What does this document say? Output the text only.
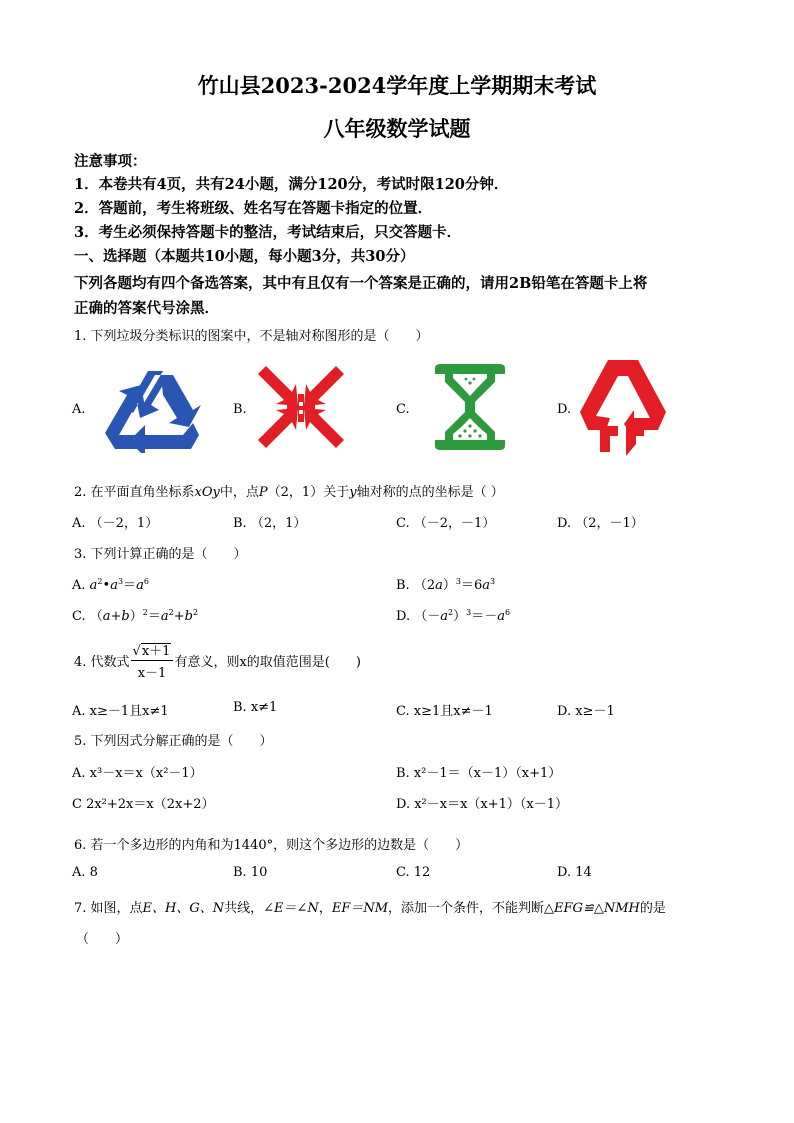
竹山县2023-2024学年度上学期期末考试
八年级数学试题
注意事项：
1．本卷共有4页，共有24小题，满分120分，考试时限120分钟．
2．答题前，考生将班级、姓名写在答题卡指定的位置．
3．考生必须保持答题卡的整洁，考试结束后，只交答题卡．
一、选择题（本题共10小题，每小题3分，共30分）
下列各题均有四个备选答案，其中有且仅有一个答案是正确的，请用2B铅笔在答题卡上将
正确的答案代号涂黑．
1. 下列垃圾分类标识的图案中，不是轴对称图形的是（　　）
A.	B.	C.	D.
2. 在平面直角坐标系xOy中，点P（2，1）关于y轴对称的点的坐标是（ ）
A. （－2，1）	B. （2，1）	C. （－2，－1）	D. （2，－1）
3. 下列计算正确的是（　　）
A. $a^2•a^3=a^6$	B. $(2a)^3=6a^3$
C. $(a+b)^2=a^2+b^2$	D. $(-a^2)^3=-a^6$
4. 代数式 $\frac{√x+1}{x-1}$ 有意义，则x的取值范围是(　　)
A. x≥－1且x≠1	B. x≠1	C. x≥1且x≠－1	D. x≥－1
5. 下列因式分解正确的是（　　）
A. x³－x＝x（x²－1）	B. x²－1＝（x－1）（x+1）
C 2x²+2x＝x（2x+2）	D. x²－x＝x（x+1）（x－1）
6. 若一个多边形的内角和为1440°，则这个多边形的边数是（　　）
A. 8	B. 10	C. 12	D. 14
7. 如图，点E、H、G、N共线，∠E＝∠N，EF＝NM，添加一个条件，不能判断△EFG≌△NMH的是
（　　）
